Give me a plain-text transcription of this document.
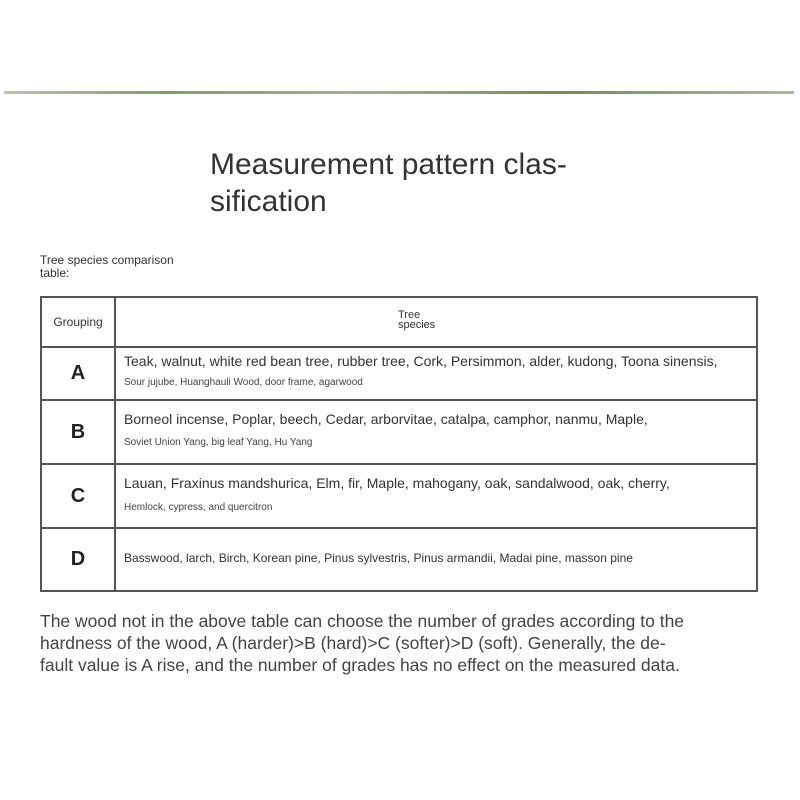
Measurement pattern clas-
sification
Tree species comparison
table:
Grouping	Tree
species
A
Teak, walnut, white red bean tree, rubber tree, Cork, Persimmon, alder, kudong, Toona sinensis,
Sour jujube, Huanghauli Wood, door frame, agarwood
B
Borneol incense, Poplar, beech, Cedar, arborvitae, catalpa, camphor, nanmu, Maple,
Soviet Union Yang, big leaf Yang, Hu Yang
C
Lauan, Fraxinus mandshurica, Elm, fir, Maple, mahogany, oak, sandalwood, oak, cherry,
Hemlock, cypress, and quercitron
D	Basswood, larch, Birch, Korean pine, Pinus sylvestris, Pinus armandii, Madai pine, masson pine
The wood not in the above table can choose the number of grades according to the
hardness of the wood, A (harder)>B (hard)>C (softer)>D (soft). Generally, the de-
fault value is A rise, and the number of grades has no effect on the measured data.
